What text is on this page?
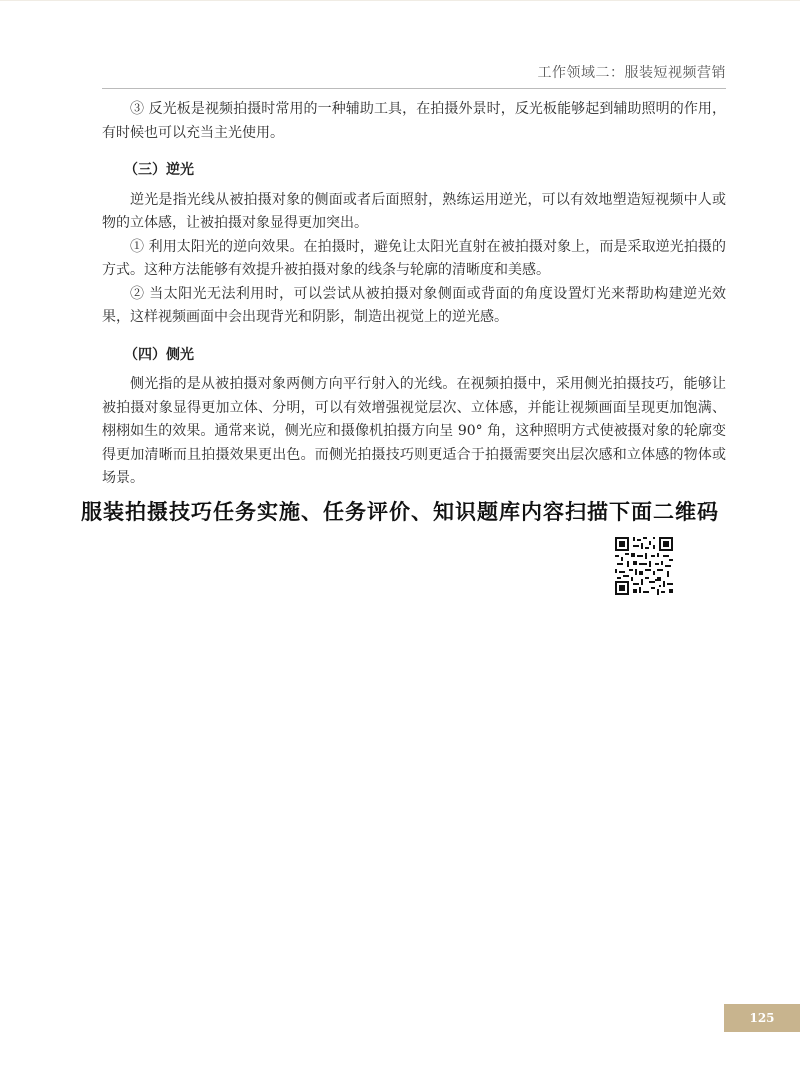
工作领域二：服装短视频营销

③ 反光板是视频拍摄时常用的一种辅助工具，在拍摄外景时，反光板能够起到辅助照明的作用，有时候也可以充当主光使用。

（三）逆光

逆光是指光线从被拍摄对象的侧面或者后面照射，熟练运用逆光，可以有效地塑造短视频中人或物的立体感，让被拍摄对象显得更加突出。

① 利用太阳光的逆向效果。在拍摄时，避免让太阳光直射在被拍摄对象上，而是采取逆光拍摄的方式。这种方法能够有效提升被拍摄对象的线条与轮廓的清晰度和美感。

② 当太阳光无法利用时，可以尝试从被拍摄对象侧面或背面的角度设置灯光来帮助构建逆光效果，这样视频画面中会出现背光和阴影，制造出视觉上的逆光感。

（四）侧光

侧光指的是从被拍摄对象两侧方向平行射入的光线。在视频拍摄中，采用侧光拍摄技巧，能够让被拍摄对象显得更加立体、分明，可以有效增强视觉层次、立体感，并能让视频画面呈现更加饱满、栩栩如生的效果。通常来说，侧光应和摄像机拍摄方向呈 90° 角，这种照明方式使被摄对象的轮廓变得更加清晰而且拍摄效果更出色。而侧光拍摄技巧则更适合于拍摄需要突出层次感和立体感的物体或场景。

服装拍摄技巧任务实施、任务评价、知识题库内容扫描下面二维码
125
